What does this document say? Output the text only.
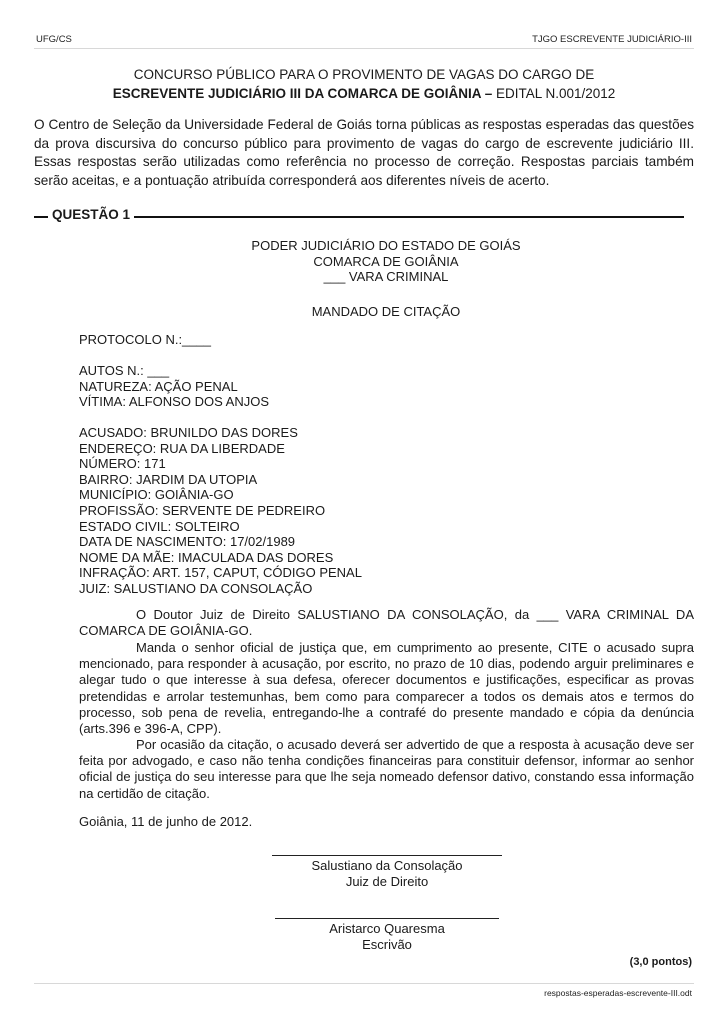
UFG/CS	TJGO ESCREVENTE JUDICIÁRIO-III
CONCURSO PÚBLICO PARA O PROVIMENTO DE VAGAS DO CARGO DE
ESCREVENTE JUDICIÁRIO III DA COMARCA DE GOIÂNIA – EDITAL N.001/2012

O Centro de Seleção da Universidade Federal de Goiás torna públicas as respostas esperadas das questões da prova discursiva do concurso público para provimento de vagas do cargo de escrevente judiciário III. Essas respostas serão utilizadas como referência no processo de correção. Respostas parciais também serão aceitas, e a pontuação atribuída corresponderá aos diferentes níveis de acerto.

QUESTÃO 1
PODER JUDICIÁRIO DO ESTADO DE GOIÁS
COMARCA DE GOIÂNIA
___ VARA CRIMINAL
MANDADO DE CITAÇÃO
PROTOCOLO N.:____
AUTOS N.: ___
NATUREZA: AÇÃO PENAL
VÍTIMA: ALFONSO DOS ANJOS
ACUSADO: BRUNILDO DAS DORES
ENDEREÇO: RUA DA LIBERDADE
NÚMERO: 171
BAIRRO: JARDIM DA UTOPIA
MUNICÍPIO: GOIÂNIA-GO
PROFISSÃO: SERVENTE DE PEDREIRO
ESTADO CIVIL: SOLTEIRO
DATA DE NASCIMENTO: 17/02/1989
NOME DA MÃE: IMACULADA DAS DORES
INFRAÇÃO: ART. 157, CAPUT, CÓDIGO PENAL
JUIZ: SALUSTIANO DA CONSOLAÇÃO

O Doutor Juiz de Direito SALUSTIANO DA CONSOLAÇÃO, da ___ VARA CRIMINAL DA COMARCA DE GOIÂNIA-GO.

Manda o senhor oficial de justiça que, em cumprimento ao presente, CITE o acusado supra mencionado, para responder à acusação, por escrito, no prazo de 10 dias, podendo arguir preliminares e alegar tudo o que interesse à sua defesa, oferecer documentos e justificações, especificar as provas pretendidas e arrolar testemunhas, bem como para comparecer a todos os demais atos e termos do processo, sob pena de revelia, entregando-lhe a contrafé do presente mandado e cópia da denúncia (arts.396 e 396-A, CPP).

Por ocasião da citação, o acusado deverá ser advertido de que a resposta à acusação deve ser feita por advogado, e caso não tenha condições financeiras para constituir defensor, informar ao senhor oficial de justiça do seu interesse para que lhe seja nomeado defensor dativo, constando essa informação na certidão de citação.

Goiânia, 11 de junho de 2012.
Salustiano da Consolação
Juiz de Direito
Aristarco Quaresma
Escrivão
(3,0 pontos)
respostas-esperadas-escrevente-III.odt
